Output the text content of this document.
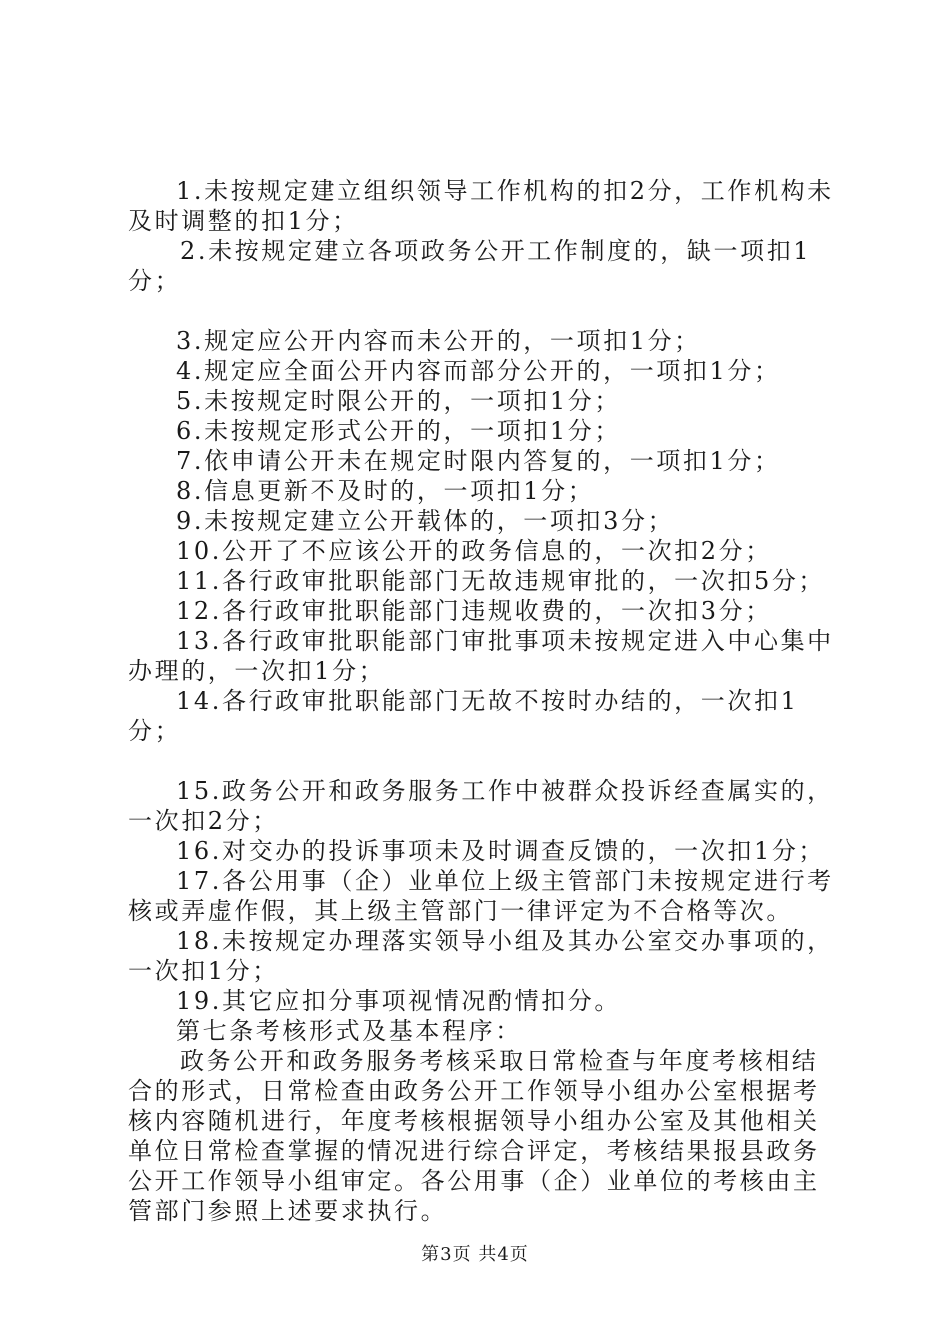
1.未按规定建立组织领导工作机构的扣2分，工作机构未及时调整的扣1分；

2.未按规定建立各项政务公开工作制度的，缺一项扣1分；

3.规定应公开内容而未公开的，一项扣1分；

4.规定应全面公开内容而部分公开的，一项扣1分；

5.未按规定时限公开的，一项扣1分；

6.未按规定形式公开的，一项扣1分；

7.依申请公开未在规定时限内答复的，一项扣1分；

8.信息更新不及时的，一项扣1分；

9.未按规定建立公开载体的，一项扣3分；

10.公开了不应该公开的政务信息的，一次扣2分；

11.各行政审批职能部门无故违规审批的，一次扣5分；

12.各行政审批职能部门违规收费的，一次扣3分；

13.各行政审批职能部门审批事项未按规定进入中心集中办理的，一次扣1分；

14.各行政审批职能部门无故不按时办结的，一次扣1分；

15.政务公开和政务服务工作中被群众投诉经查属实的，一次扣2分；

16.对交办的投诉事项未及时调查反馈的，一次扣1分；

17.各公用事（企）业单位上级主管部门未按规定进行考核或弄虚作假，其上级主管部门一律评定为不合格等次。

18.未按规定办理落实领导小组及其办公室交办事项的，一次扣1分；

19.其它应扣分事项视情况酌情扣分。

第七条考核形式及基本程序：

政务公开和政务服务考核采取日常检查与年度考核相结合的形式，日常检查由政务公开工作领导小组办公室根据考核内容随机进行，年度考核根据领导小组办公室及其他相关单位日常检查掌握的情况进行综合评定，考核结果报县政务公开工作领导小组审定。各公用事（企）业单位的考核由主管部门参照上述要求执行。

第3页 共4页
